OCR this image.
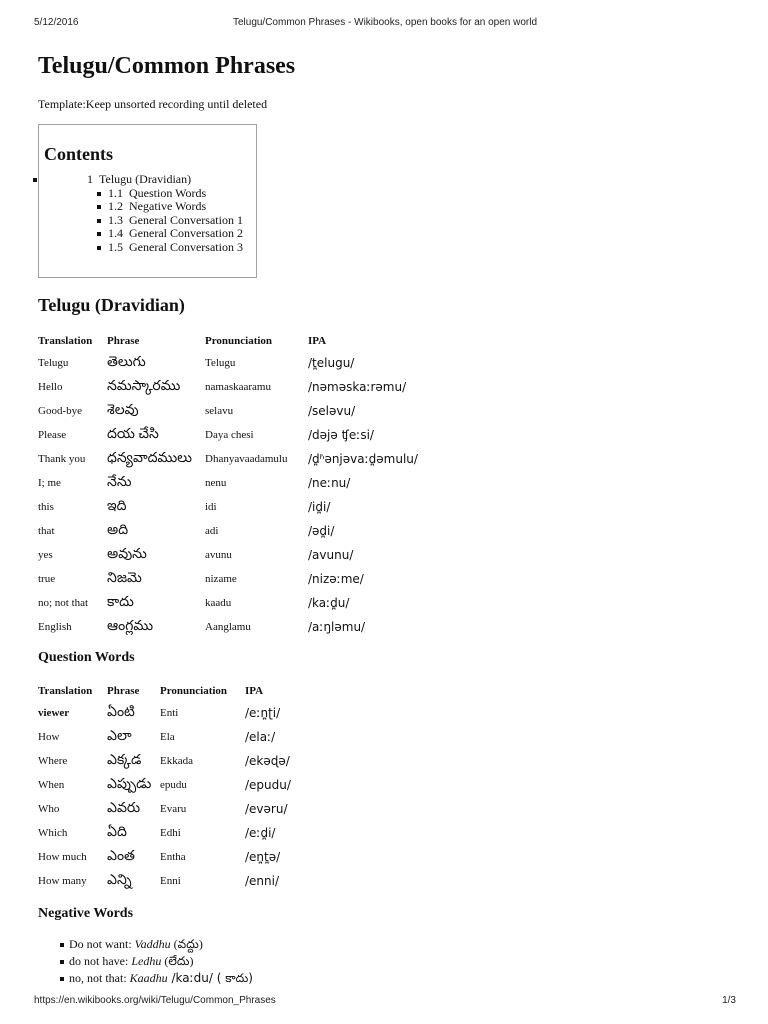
5/12/2016	Telugu/Common Phrases - Wikibooks, open books for an open world
Telugu/Common Phrases
Template:Keep unsorted recording until deleted
Contents
1 Telugu (Dravidian)
1.1 Question Words
1.2 Negative Words
1.3 General Conversation 1
1.4 General Conversation 2
1.5 General Conversation 3
Telugu (Dravidian)
Translation	Phrase	Pronunciation	IPA
Telugu	తెలుగు	Telugu	/t̪elugu/
Hello	నమస్కారము	namaskaaramu	/nəməskaːrəmu/
Good-bye	శెలవు	selavu	/seləvu/
Please	దయ చేసి	Daya chesi	/dəjə ʧeːsi/
Thank you	ధన్యవాదములు	Dhanyavaadamulu	/d̪ʱənjəvaːd̪əmulu/
I; me	నేను	nenu	/neːnu/
this	ఇది	idi	/id̪i/
that	అది	adi	/əd̪i/
yes	అవును	avunu	/avunu/
true	నిజమె	nizame	/nizəːme/
no; not that	కాదు	kaadu	/kaːd̪u/
English	ఆంగ్లము	Aanglamu	/aːŋləmu/
Question Words
Translation	Phrase	Pronunciation	IPA
viewer	ఏంటి	Enti	/eːn̪ʈi/
How	ఎలా	Ela	/elaː/
Where	ఎక్కడ	Ekkada	/ekəɖə/
When	ఎప్పుడు	epudu	/epudu/
Who	ఎవరు	Evaru	/evəru/
Which	ఏది	Edhi	/eːd̪i/
How much	ఎంత	Entha	/en̪t̪ə/
How many	ఎన్ని	Enni	/enni/
Negative Words
Do not want: Vaddhu (వద్దు)
do not have: Ledhu (లేదు)
no, not that: Kaadhu /kaːdu/ ( కాదు)
https://en.wikibooks.org/wiki/Telugu/Common_Phrases	1/3
